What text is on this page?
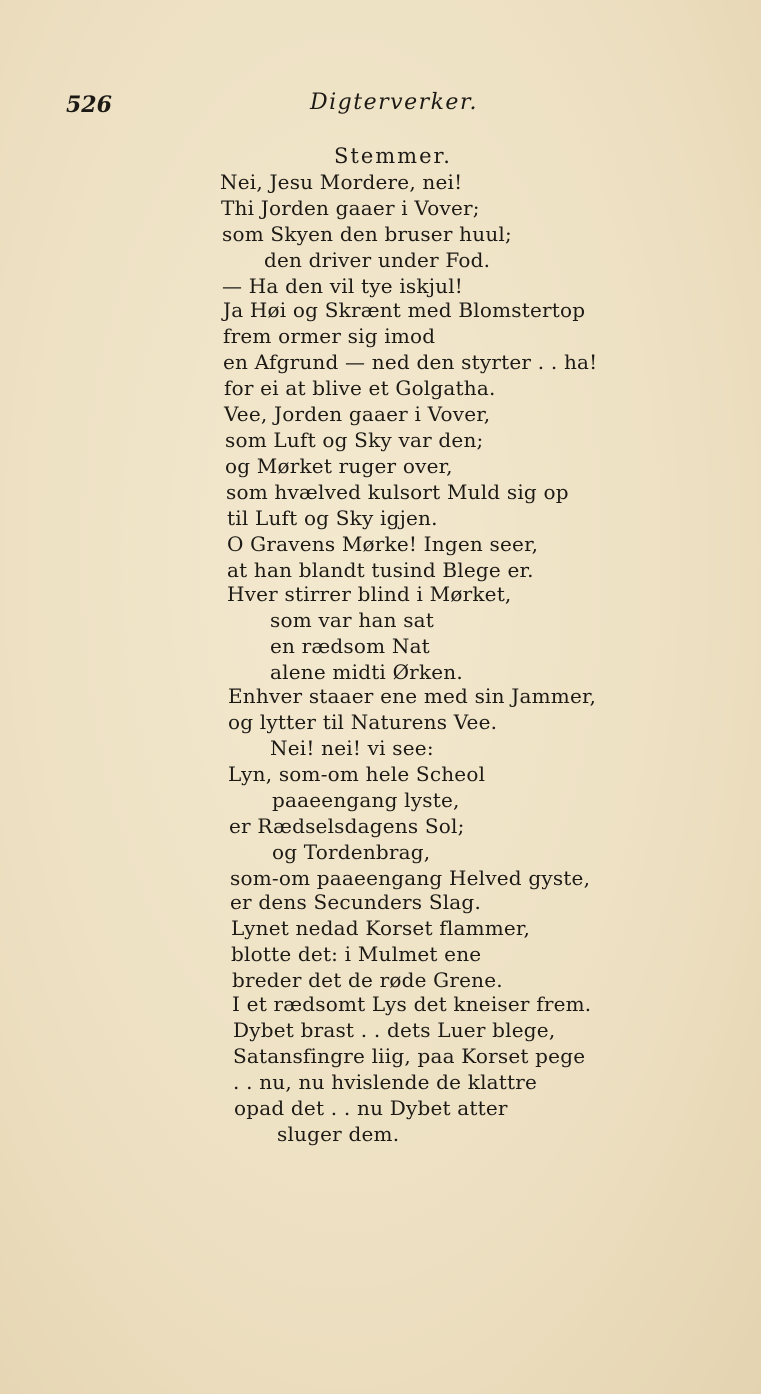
526	Digterverker.
Stemmer.
Nei, Jesu Mordere, nei!
Thi Jorden gaaer i Vover;
som Skyen den bruser huul;
den driver under Fod.
— Ha den vil tye iskjul!
Ja Høi og Skrænt med Blomstertop
frem ormer sig imod
en Afgrund — ned den styrter . . ha!
for ei at blive et Golgatha.
Vee, Jorden gaaer i Vover,
som Luft og Sky var den;
og Mørket ruger over,
som hvælved kulsort Muld sig op
til Luft og Sky igjen.
O Gravens Mørke! Ingen seer,
at han blandt tusind Blege er.
Hver stirrer blind i Mørket,
som var han sat
en rædsom Nat
alene midti Ørken.
Enhver staaer ene med sin Jammer,
og lytter til Naturens Vee.
Nei! nei! vi see:
Lyn, som-om hele Scheol
paaeengang lyste,
er Rædselsdagens Sol;
og Tordenbrag,
som-om paaeengang Helved gyste,
er dens Secunders Slag.
Lynet nedad Korset flammer,
blotte det: i Mulmet ene
breder det de røde Grene.
I et rædsomt Lys det kneiser frem.
Dybet brast . . dets Luer blege,
Satansfingre liig, paa Korset pege
. . nu, nu hvislende de klattre
opad det . . nu Dybet atter
sluger dem.
